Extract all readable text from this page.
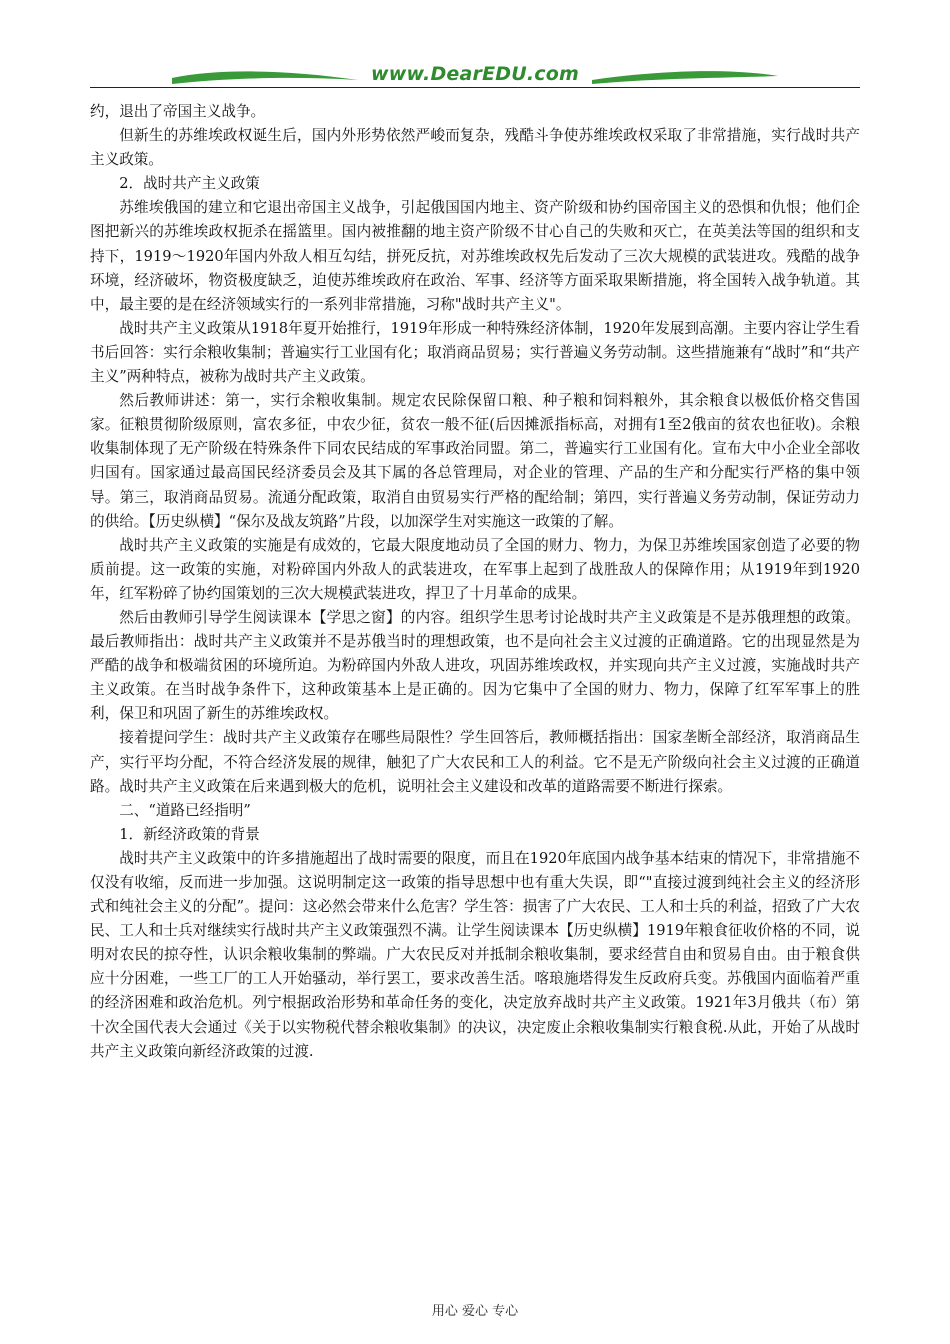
www.DearEDU.com

约，退出了帝国主义战争。

但新生的苏维埃政权诞生后，国内外形势依然严峻而复杂，残酷斗争使苏维埃政权采取了非常措施，实行战时共产主义政策。

2．战时共产主义政策

苏维埃俄国的建立和它退出帝国主义战争，引起俄国国内地主、资产阶级和协约国帝国主义的恐惧和仇恨；他们企图把新兴的苏维埃政权扼杀在摇篮里。国内被推翻的地主资产阶级不甘心自己的失败和灭亡，在英美法等国的组织和支持下，1919～1920年国内外敌人相互勾结，拼死反抗，对苏维埃政权先后发动了三次大规模的武装进攻。残酷的战争环境，经济破坏，物资极度缺乏，迫使苏维埃政府在政治、军事、经济等方面采取果断措施，将全国转入战争轨道。其中，最主要的是在经济领域实行的一系列非常措施，习称"战时共产主义"。

战时共产主义政策从1918年夏开始推行，1919年形成一种特殊经济体制，1920年发展到高潮。主要内容让学生看书后回答：实行余粮收集制；普遍实行工业国有化；取消商品贸易；实行普遍义务劳动制。这些措施兼有“战时”和“共产主义”两种特点，被称为战时共产主义政策。

然后教师讲述：第一，实行余粮收集制。规定农民除保留口粮、种子粮和饲料粮外，其余粮食以极低价格交售国家。征粮贯彻阶级原则，富农多征，中农少征，贫农一般不征(后因摊派指标高，对拥有1至2俄亩的贫农也征收)。余粮收集制体现了无产阶级在特殊条件下同农民结成的军事政治同盟。第二，普遍实行工业国有化。宣布大中小企业全部收归国有。国家通过最高国民经济委员会及其下属的各总管理局，对企业的管理、产品的生产和分配实行严格的集中领导。第三，取消商品贸易。流通分配政策，取消自由贸易实行严格的配给制；第四，实行普遍义务劳动制，保证劳动力的供给。【历史纵横】“保尔及战友筑路”片段，以加深学生对实施这一政策的了解。

战时共产主义政策的实施是有成效的，它最大限度地动员了全国的财力、物力，为保卫苏维埃国家创造了必要的物质前提。这一政策的实施，对粉碎国内外敌人的武装进攻，在军事上起到了战胜敌人的保障作用；从1919年到1920年，红军粉碎了协约国策划的三次大规模武装进攻，捍卫了十月革命的成果。

然后由教师引导学生阅读课本【学思之窗】的内容。组织学生思考讨论战时共产主义政策是不是苏俄理想的政策。最后教师指出：战时共产主义政策并不是苏俄当时的理想政策，也不是向社会主义过渡的正确道路。它的出现显然是为严酷的战争和极端贫困的环境所迫。为粉碎国内外敌人进攻，巩固苏维埃政权，并实现向共产主义过渡，实施战时共产主义政策。在当时战争条件下，这种政策基本上是正确的。因为它集中了全国的财力、物力，保障了红军军事上的胜利，保卫和巩固了新生的苏维埃政权。

接着提问学生：战时共产主义政策存在哪些局限性？学生回答后，教师概括指出：国家垄断全部经济，取消商品生产，实行平均分配，不符合经济发展的规律，触犯了广大农民和工人的利益。它不是无产阶级向社会主义过渡的正确道路。战时共产主义政策在后来遇到极大的危机，说明社会主义建设和改革的道路需要不断进行探索。

二、“道路已经指明”

1．新经济政策的背景

战时共产主义政策中的许多措施超出了战时需要的限度，而且在1920年底国内战争基本结束的情况下，非常措施不仅没有收缩，反而进一步加强。这说明制定这一政策的指导思想中也有重大失误，即“"直接过渡到纯社会主义的经济形式和纯社会主义的分配”。提问：这必然会带来什么危害？学生答：损害了广大农民、工人和士兵的利益，招致了广大农民、工人和士兵对继续实行战时共产主义政策强烈不满。让学生阅读课本【历史纵横】1919年粮食征收价格的不同，说明对农民的掠夺性，认识余粮收集制的弊端。广大农民反对并抵制余粮收集制，要求经营自由和贸易自由。由于粮食供应十分困难，一些工厂的工人开始骚动，举行罢工，要求改善生活。喀琅施塔得发生反政府兵变。苏俄国内面临着严重的经济困难和政治危机。列宁根据政治形势和革命任务的变化，决定放弃战时共产主义政策。1921年3月俄共（布）第十次全国代表大会通过《关于以实物税代替余粮收集制》的决议，决定废止余粮收集制实行粮食税.从此，开始了从战时共产主义政策向新经济政策的过渡.

用心 爱心 专心
